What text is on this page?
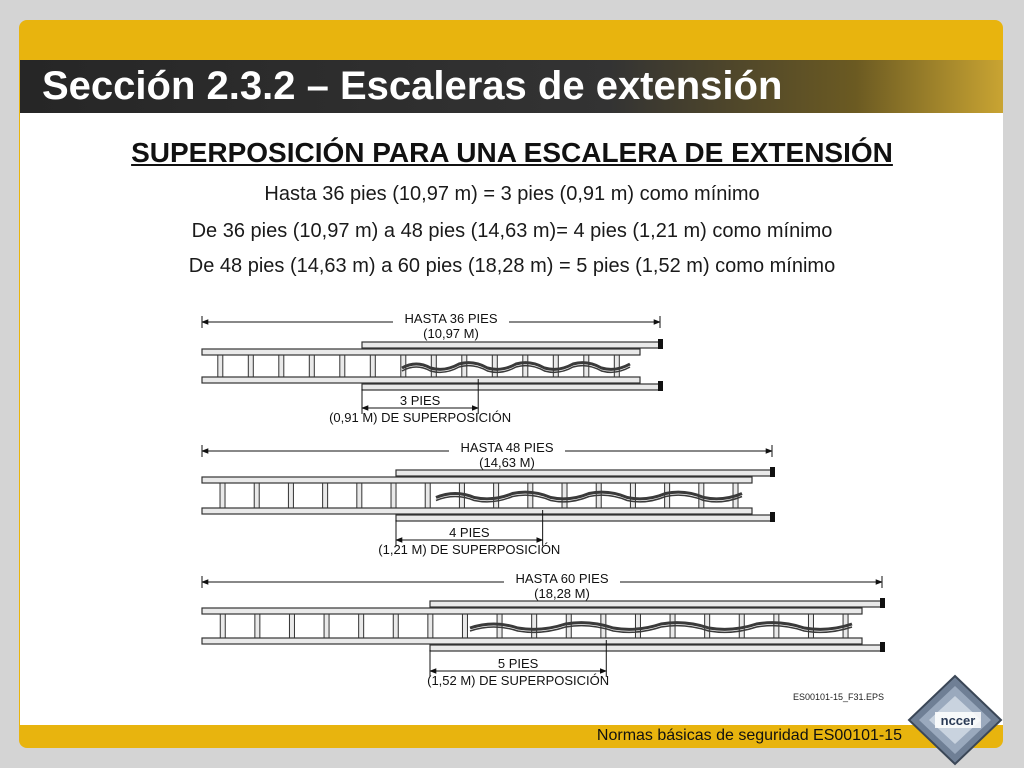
Sección 2.3.2 – Escaleras de extensión
SUPERPOSICIÓN PARA UNA ESCALERA DE EXTENSIÓN
Hasta 36 pies (10,97 m) = 3 pies (0,91 m) como mínimo
De 36 pies (10,97 m) a 48 pies (14,63 m)= 4 pies (1,21 m) como mínimo
De 48 pies (14,63 m) a 60 pies (18,28 m) = 5 pies (1,52 m) como mínimo
HASTA 36 PIES
(10,97 M)
3 PIES
(0,91 M) DE SUPERPOSICIÓN
HASTA 48 PIES
(14,63 M)
4 PIES
(1,21 M) DE SUPERPOSICIÓN
HASTA 60 PIES
(18,28 M)
5 PIES
(1,52 M) DE SUPERPOSICIÓN
ES00101-15_F31.EPS
Normas básicas de seguridad ES00101-15
nccer
